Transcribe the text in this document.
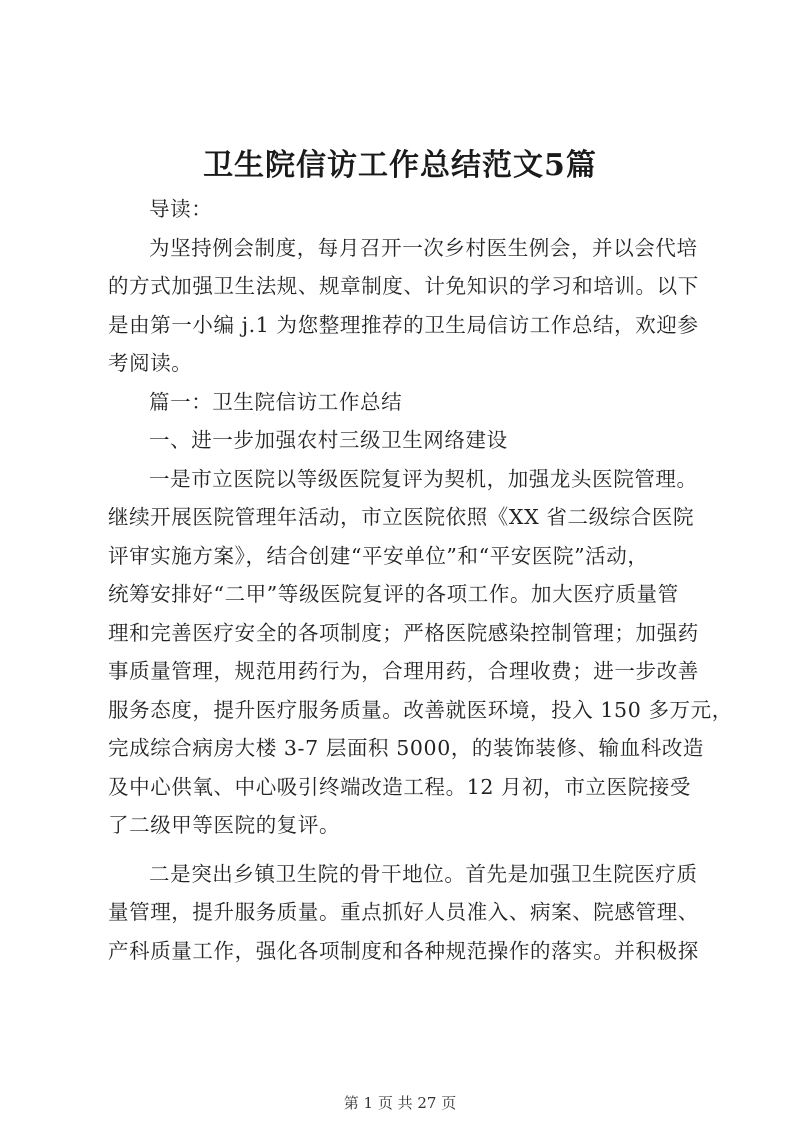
卫生院信访工作总结范文5篇
导读：
为坚持例会制度，每月召开一次乡村医生例会，并以会代培
的方式加强卫生法规、规章制度、计免知识的学习和培训。以下
是由第一小编 j.1 为您整理推荐的卫生局信访工作总结，欢迎参
考阅读。
篇一：卫生院信访工作总结
一、进一步加强农村三级卫生网络建设
一是市立医院以等级医院复评为契机，加强龙头医院管理。
继续开展医院管理年活动，市立医院依照《XX 省二级综合医院
评审实施方案》，结合创建“平安单位”和“平安医院”活动，
统筹安排好“二甲”等级医院复评的各项工作。加大医疗质量管
理和完善医疗安全的各项制度；严格医院感染控制管理；加强药
事质量管理，规范用药行为，合理用药，合理收费；进一步改善
服务态度，提升医疗服务质量。改善就医环境，投入 150 多万元，
完成综合病房大楼 3-7 层面积 5000，的装饰装修、输血科改造
及中心供氧、中心吸引终端改造工程。12 月初，市立医院接受
了二级甲等医院的复评。
二是突出乡镇卫生院的骨干地位。首先是加强卫生院医疗质
量管理，提升服务质量。重点抓好人员准入、病案、院感管理、
产科质量工作，强化各项制度和各种规范操作的落实。并积极探
第 1 页 共 27 页
